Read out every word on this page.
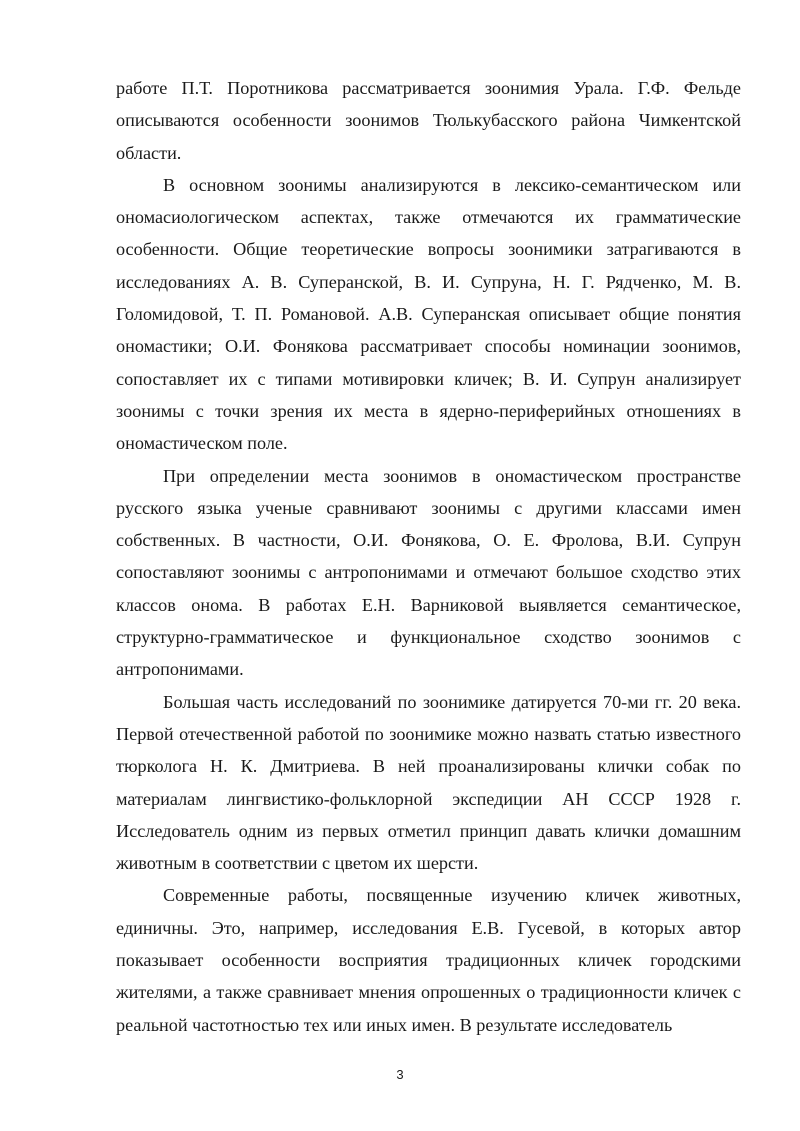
работе П.Т. Поротникова рассматривается зоонимия Урала. Г.Ф. Фельде описываются особенности зоонимов Тюлькубасского района Чимкентской области.

В основном зоонимы анализируются в лексико-семантическом или ономасиологическом аспектах, также отмечаются их грамматические особенности. Общие теоретические вопросы зоонимики затрагиваются в исследованиях А. В. Суперанской, В. И. Супруна, Н. Г. Рядченко, М. В. Голомидовой, Т. П. Романовой. А.В. Суперанская описывает общие понятия ономастики; О.И. Фонякова рассматривает способы номинации зоонимов, сопоставляет их с типами мотивировки кличек; В. И. Супрун анализирует зоонимы с точки зрения их места в ядерно-периферийных отношениях в ономастическом поле.

При определении места зоонимов в ономастическом пространстве русского языка ученые сравнивают зоонимы с другими классами имен собственных. В частности, О.И. Фонякова, О. Е. Фролова, В.И. Супрун сопоставляют зоонимы с антропонимами и отмечают большое сходство этих классов онома. В работах Е.Н. Варниковой выявляется семантическое, структурно-грамматическое и функциональное сходство зоонимов с антропонимами.

Большая часть исследований по зоонимике датируется 70-ми гг. 20 века. Первой отечественной работой по зоонимике можно назвать статью известного тюрколога Н. К. Дмитриева. В ней проанализированы клички собак по материалам лингвистико-фольклорной экспедиции АН СССР 1928 г. Исследователь одним из первых отметил принцип давать клички домашним животным в соответствии с цветом их шерсти.

Современные работы, посвященные изучению кличек животных, единичны. Это, например, исследования Е.В. Гусевой, в которых автор показывает особенности восприятия традиционных кличек городскими жителями, а также сравнивает мнения опрошенных о традиционности кличек с реальной частотностью тех или иных имен. В результате исследователь

3
